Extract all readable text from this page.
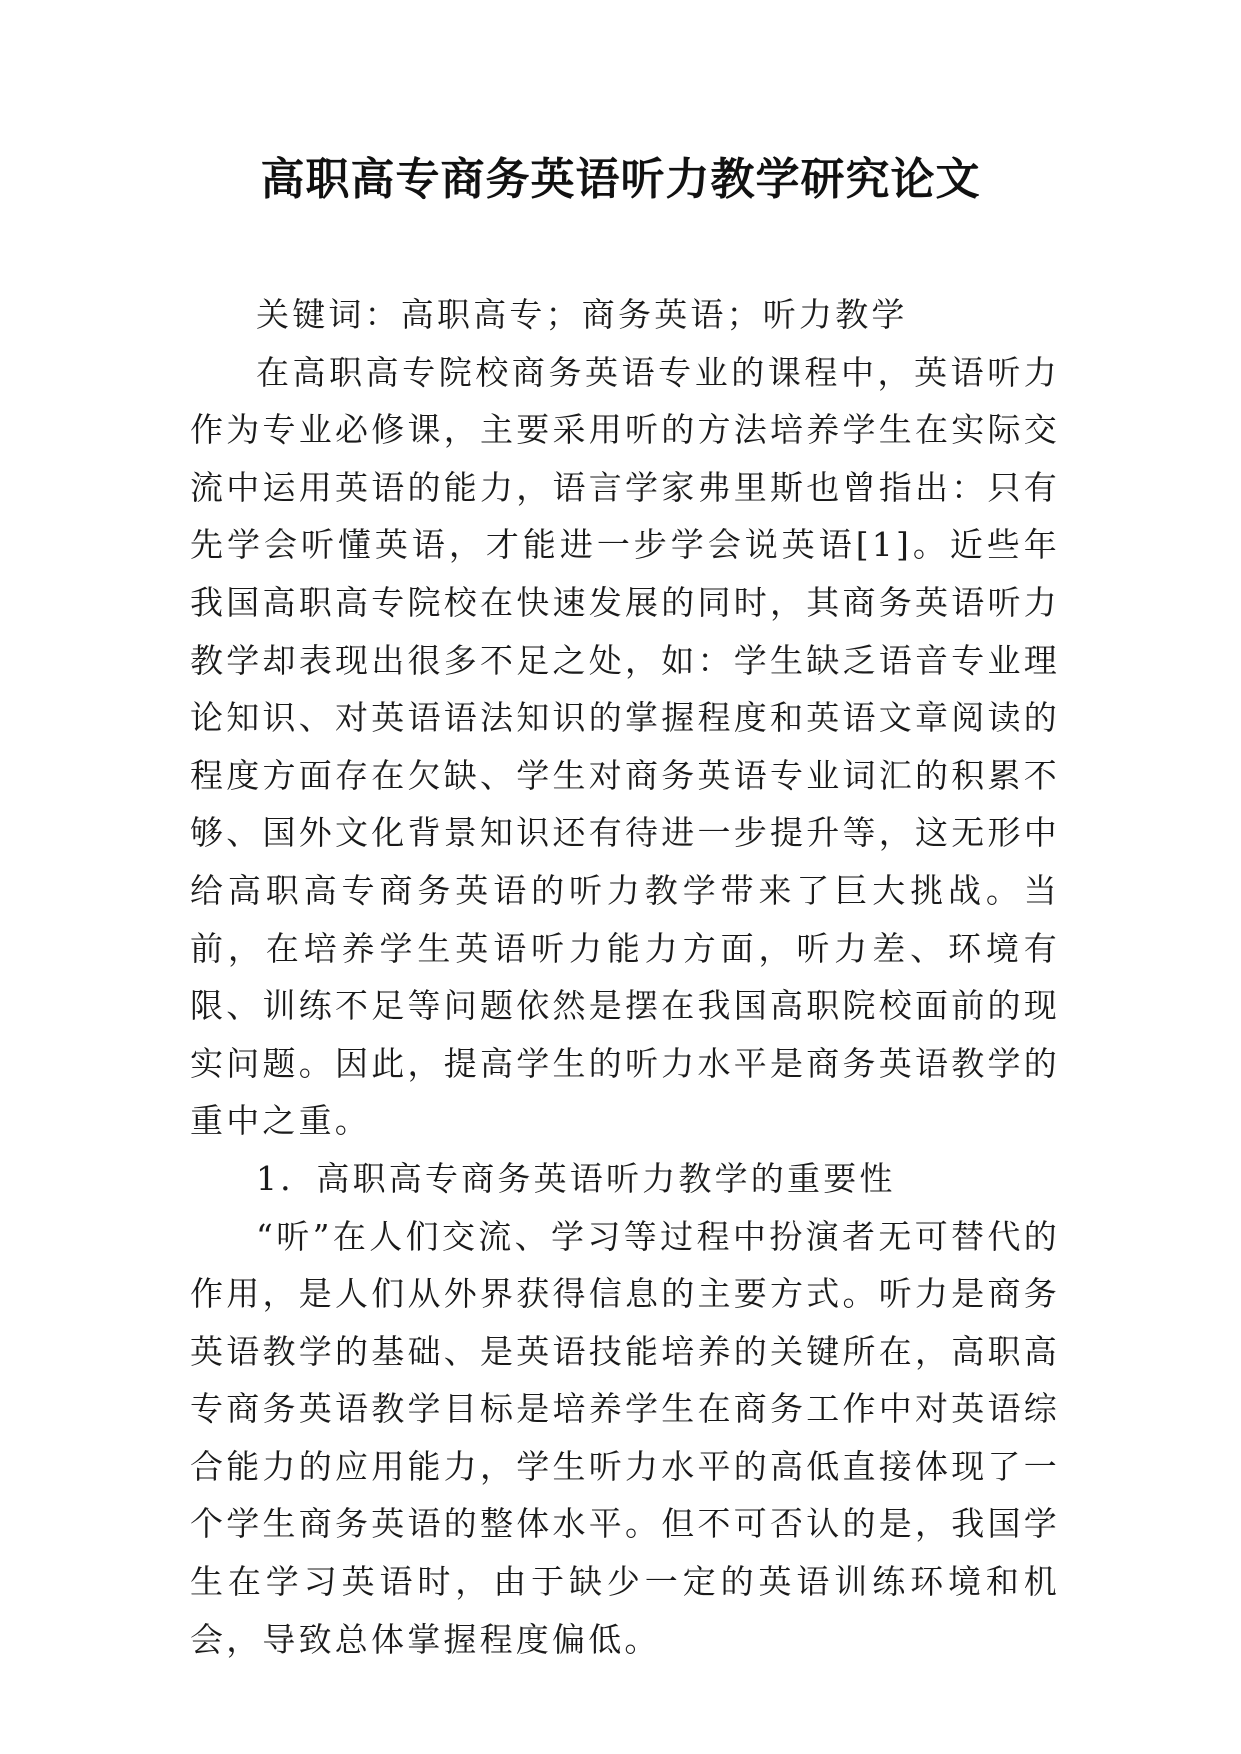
高职高专商务英语听力教学研究论文

关键词：高职高专；商务英语；听力教学

在高职高专院校商务英语专业的课程中，英语听力作为专业必修课，主要采用听的方法培养学生在实际交流中运用英语的能力，语言学家弗里斯也曾指出：只有先学会听懂英语，才能进一步学会说英语[1]。近些年我国高职高专院校在快速发展的同时，其商务英语听力教学却表现出很多不足之处，如：学生缺乏语音专业理论知识、对英语语法知识的掌握程度和英语文章阅读的程度方面存在欠缺、学生对商务英语专业词汇的积累不够、国外文化背景知识还有待进一步提升等，这无形中给高职高专商务英语的听力教学带来了巨大挑战。当前，在培养学生英语听力能力方面，听力差、环境有限、训练不足等问题依然是摆在我国高职院校面前的现实问题。因此，提高学生的听力水平是商务英语教学的重中之重。

1．高职高专商务英语听力教学的重要性

“听”在人们交流、学习等过程中扮演者无可替代的作用，是人们从外界获得信息的主要方式。听力是商务英语教学的基础、是英语技能培养的关键所在，高职高专商务英语教学目标是培养学生在商务工作中对英语综合能力的应用能力，学生听力水平的高低直接体现了一个学生商务英语的整体水平。但不可否认的是，我国学生在学习英语时，由于缺少一定的英语训练环境和机会，导致总体掌握程度偏低。
